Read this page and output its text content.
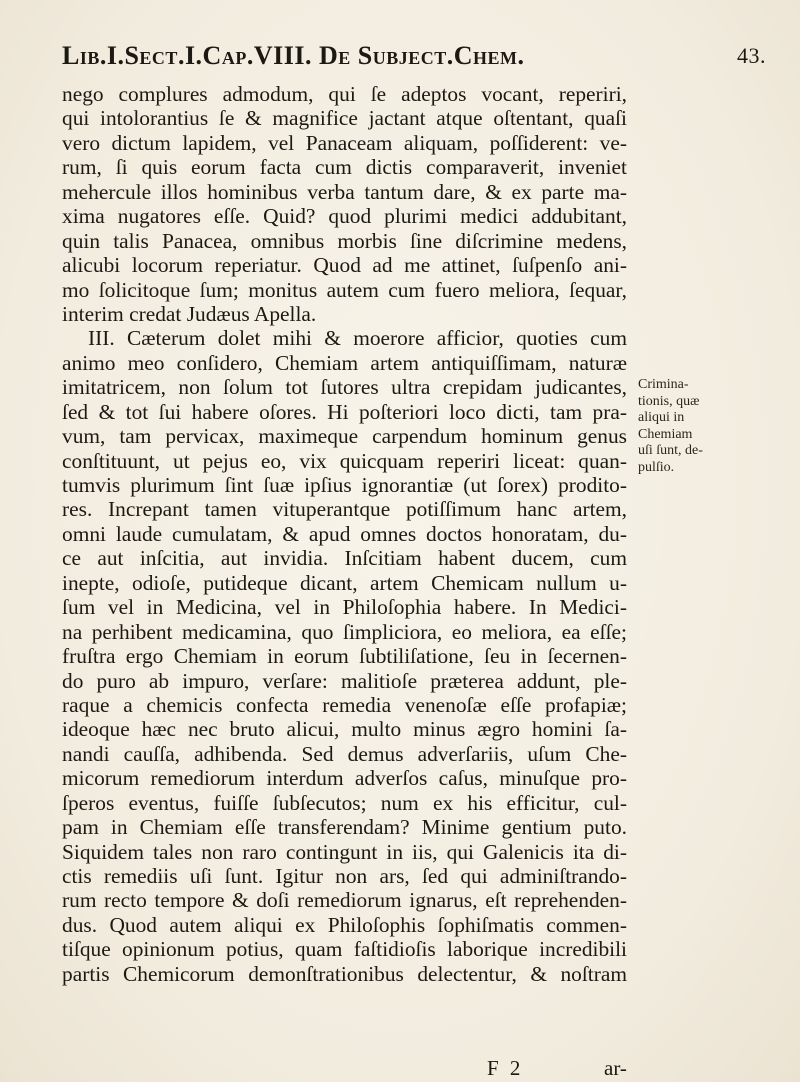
Lib.I.Sect.I.Cap.VIII. De Subject.Chem.	43.
nego complures admodum, qui ſe adeptos vocant, reperiri,
qui intolorantius ſe & magnifice jactant atque oſtentant, quaſi
vero dictum lapidem, vel Panaceam aliquam, poſſiderent: ve-
rum, ſi quis eorum facta cum dictis comparaverit, inveniet
mehercule illos hominibus verba tantum dare, & ex parte ma-
xima nugatores eſſe. Quid? quod plurimi medici addubitant,
quin talis Panacea, omnibus morbis ſine diſcrimine medens,
alicubi locorum reperiatur. Quod ad me attinet, ſuſpenſo ani-
mo ſolicitoque ſum; monitus autem cum fuero meliora, ſequar,
interim credat Judæus Apella.
III. Cæterum dolet mihi & moerore afficior, quoties cum
animo meo conſidero, Chemiam artem antiquiſſimam, naturæ
imitatricem, non ſolum tot ſutores ultra crepidam judicantes,
ſed & tot ſui habere oſores. Hi poſteriori loco dicti, tam pra-
vum, tam pervicax, maximeque carpendum hominum genus
conſtituunt, ut pejus eo, vix quicquam reperiri liceat: quan-
tumvis plurimum ſint ſuæ ipſius ignorantiæ (ut ſorex) prodito-
res. Increpant tamen vituperantque potiſſimum hanc artem,
omni laude cumulatam, & apud omnes doctos honoratam, du-
ce aut inſcitia, aut invidia. Inſcitiam habent ducem, cum
inepte, odioſe, putideque dicant, artem Chemicam nullum u-
ſum vel in Medicina, vel in Philoſophia habere. In Medici-
na perhibent medicamina, quo ſimpliciora, eo meliora, ea eſſe;
fruſtra ergo Chemiam in eorum ſubtiliſatione, ſeu in ſecernen-
do puro ab impuro, verſare: malitioſe præterea addunt, ple-
raque a chemicis confecta remedia venenoſæ eſſe profapiæ;
ideoque hæc nec bruto alicui, multo minus ægro homini ſa-
nandi cauſſa, adhibenda. Sed demus adverſariis, uſum Che-
micorum remediorum interdum adverſos caſus, minuſque pro-
ſperos eventus, fuiſſe ſubſecutos; num ex his efficitur, cul-
pam in Chemiam eſſe transferendam? Minime gentium puto.
Siquidem tales non raro contingunt in iis, qui Galenicis ita di-
ctis remediis uſi ſunt. Igitur non ars, ſed qui adminiſtrando-
rum recto tempore & doſi remediorum ignarus, eſt reprehenden-
dus. Quod autem aliqui ex Philoſophis ſophiſmatis commen-
tiſque opinionum potius, quam faſtidioſis laborique incredibili
partis Chemicorum demonſtrationibus delectentur, & noſtram
Crimina-
tionis, quæ
aliqui in
Chemiam
uſi ſunt, de-
pulſio.
F 2	ar-
